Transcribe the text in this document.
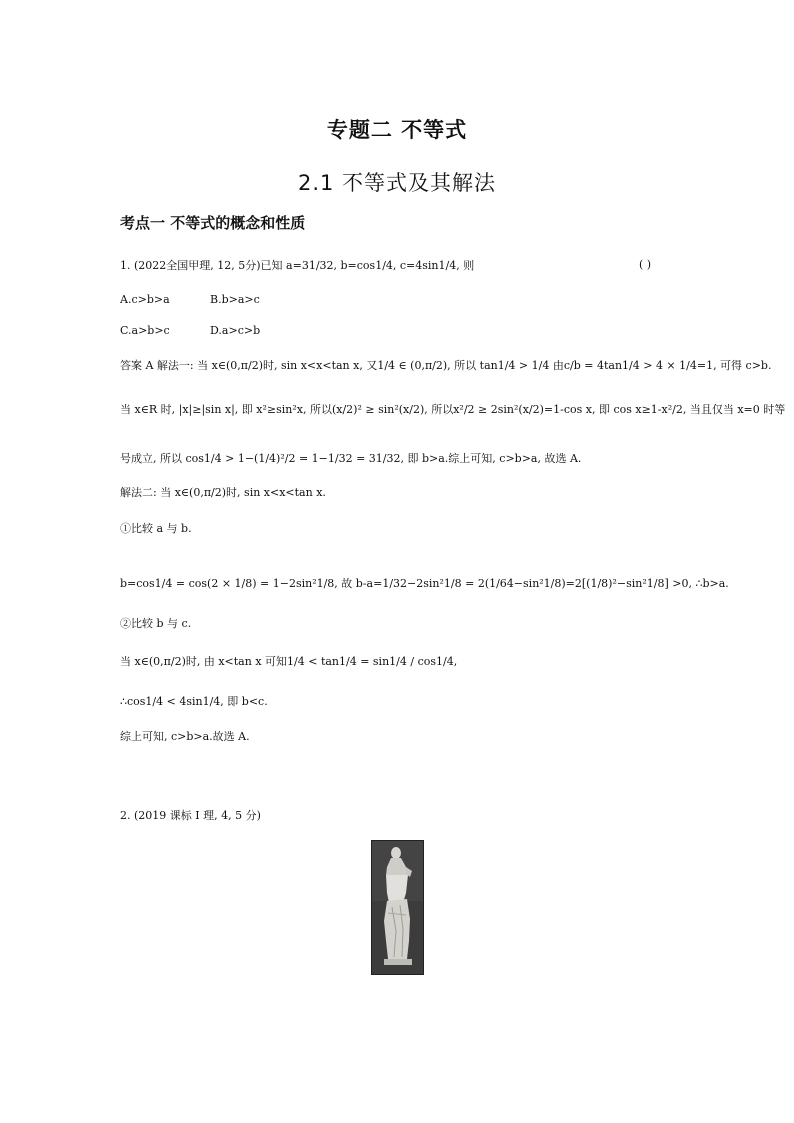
专题二 不等式
2.1 不等式及其解法
考点一 不等式的概念和性质
1. (2022全国甲理, 12, 5分)已知 a=31/32, b=cos1/4, c=4sin1/4, 则	( )
A.c>b>a	B.b>a>c
C.a>b>c	D.a>c>b
答案 A 解法一: 当 x∈(0,π/2)时, sin x<x<tan x, 又1/4 ∈ (0,π/2), 所以 tan1/4 > 1/4 由c/b = 4tan1/4 > 4 × 1/4=1, 可得 c>b.
当 x∈R 时, |x|≥|sin x|, 即 x²≥sin²x, 所以(x/2)² ≥ sin²(x/2), 所以x²/2 ≥ 2sin²(x/2)=1-cos x, 即 cos x≥1-x²/2, 当且仅当 x=0 时等
号成立, 所以 cos1/4 > 1−(1/4)²/2 = 1−1/32 = 31/32, 即 b>a.综上可知, c>b>a, 故选 A.
解法二: 当 x∈(0,π/2)时, sin x<x<tan x.
①比较 a 与 b.
b=cos1/4 = cos(2 × 1/8) = 1−2sin²1/8, 故 b-a=1/32−2sin²1/8 = 2(1/64−sin²1/8)=2[(1/8)²−sin²1/8] >0, ∴b>a.
②比较 b 与 c.
当 x∈(0,π/2)时, 由 x<tan x 可知1/4 < tan1/4 = sin1/4 / cos1/4,
∴cos1/4 < 4sin1/4, 即 b<c.
综上可知, c>b>a.故选 A.
2. (2019 课标 Ⅰ 理, 4, 5 分)
